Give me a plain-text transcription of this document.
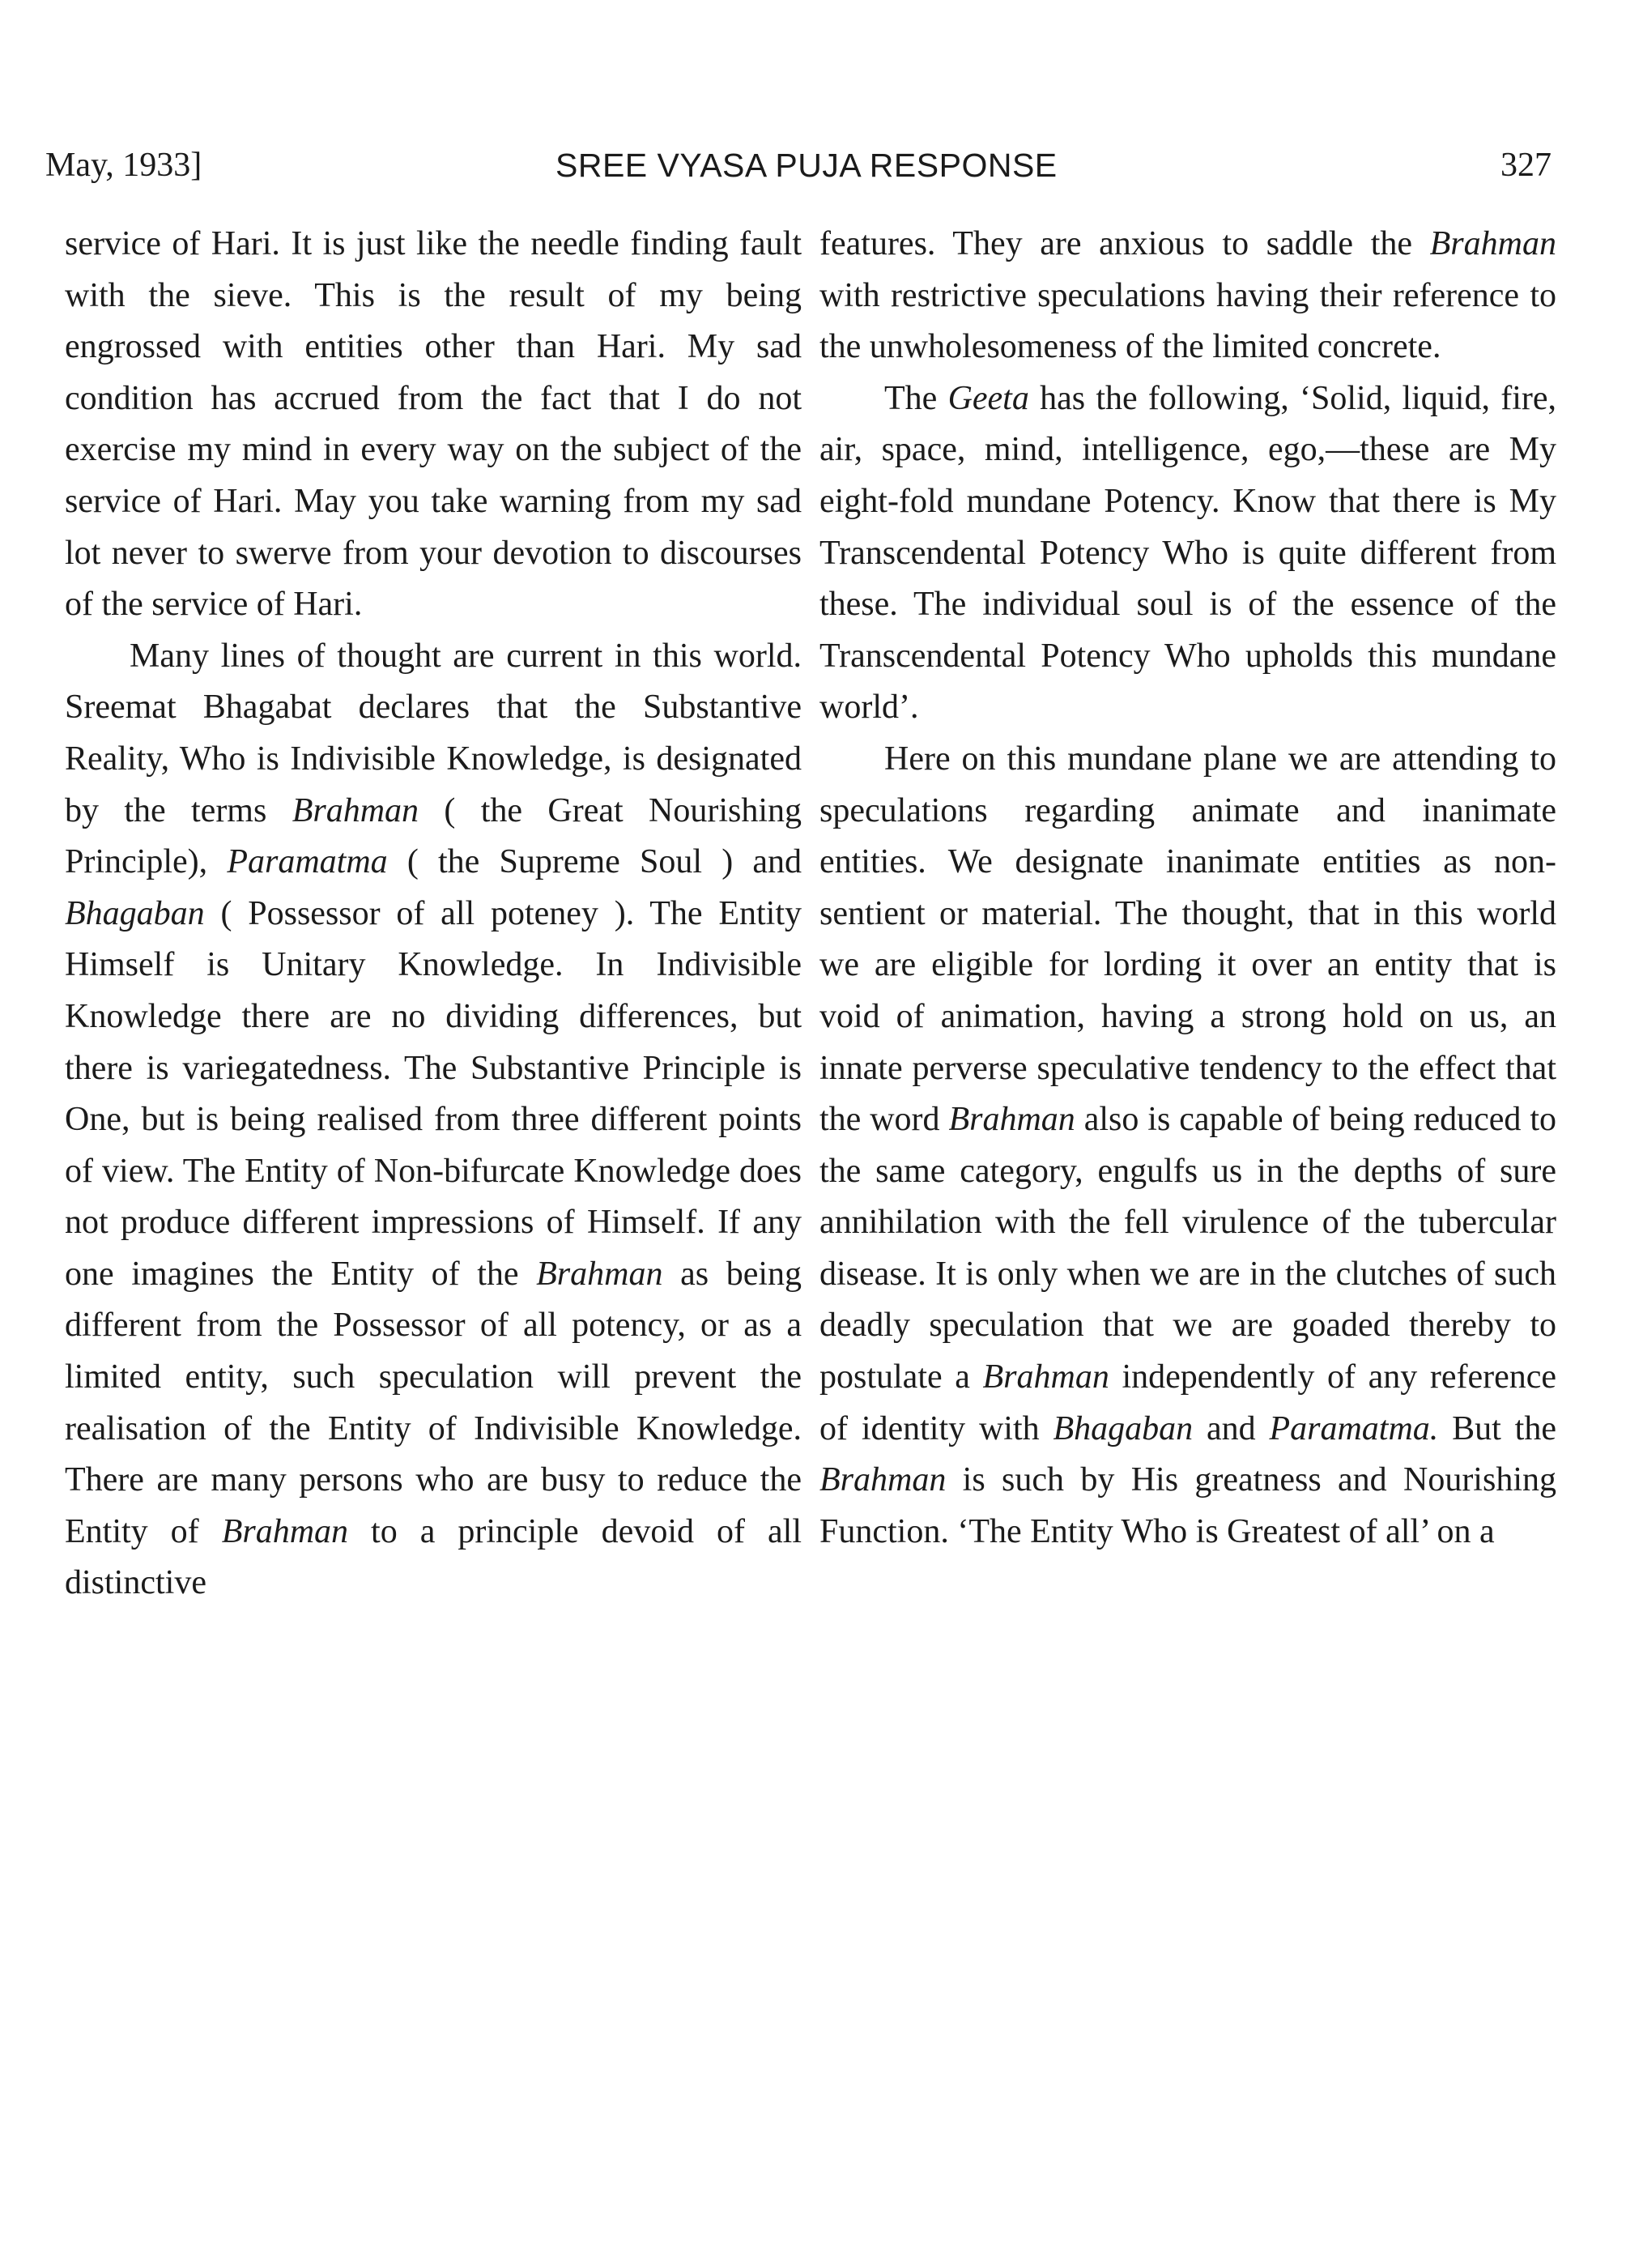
May, 1933]	SREE VYASA PUJA RESPONSE	327

service of Hari. It is just like the needle finding fault with the sieve. This is the result of my being engrossed with entities other than Hari. My sad condition has accrued from the fact that I do not exercise my mind in every way on the subject of the service of Hari. May you take warning from my sad lot never to swerve from your devotion to discourses of the service of Hari.

Many lines of thought are current in this world. Sreemat Bhagabat declares that the Substantive Reality, Who is Indivisible Knowledge, is designated by the terms Brahman ( the Great Nourishing Principle), Paramatma ( the Supreme Soul ) and Bhagaban ( Possessor of all poteney ). The Entity Himself is Unitary Knowledge. In Indivisible Knowledge there are no dividing differences, but there is variegatedness. The Substantive Principle is One, but is being realised from three different points of view. The Entity of Non-bifurcate Knowledge does not produce different impressions of Himself. If any one imagines the Entity of the Brahman as being different from the Possessor of all potency, or as a limited entity, such speculation will prevent the realisation of the Entity of Indivisible Knowledge. There are many persons who are busy to reduce the Entity of Brahman to a principle devoid of all distinctive

features. They are anxious to saddle the Brahman with restrictive speculations having their reference to the unwholesomeness of the limited concrete.

The Geeta has the following, ‘Solid, liquid, fire, air, space, mind, intelligence, ego,—these are My eight-fold mundane Potency. Know that there is My Transcendental Potency Who is quite different from these. The individual soul is of the essence of the Transcendental Potency Who upholds this mundane world’.

Here on this mundane plane we are attending to speculations regarding animate and inanimate entities. We designate inanimate entities as non-sentient or material. The thought, that in this world we are eligible for lording it over an entity that is void of animation, having a strong hold on us, an innate perverse speculative tendency to the effect that the word Brahman also is capable of being reduced to the same category, engulfs us in the depths of sure annihilation with the fell virulence of the tubercular disease. It is only when we are in the clutches of such deadly speculation that we are goaded thereby to postulate a Brahman independently of any reference of identity with Bhagaban and Paramatma. But the Brahman is such by His greatness and Nourishing Function. ‘The Entity Who is Greatest of all’ on a
